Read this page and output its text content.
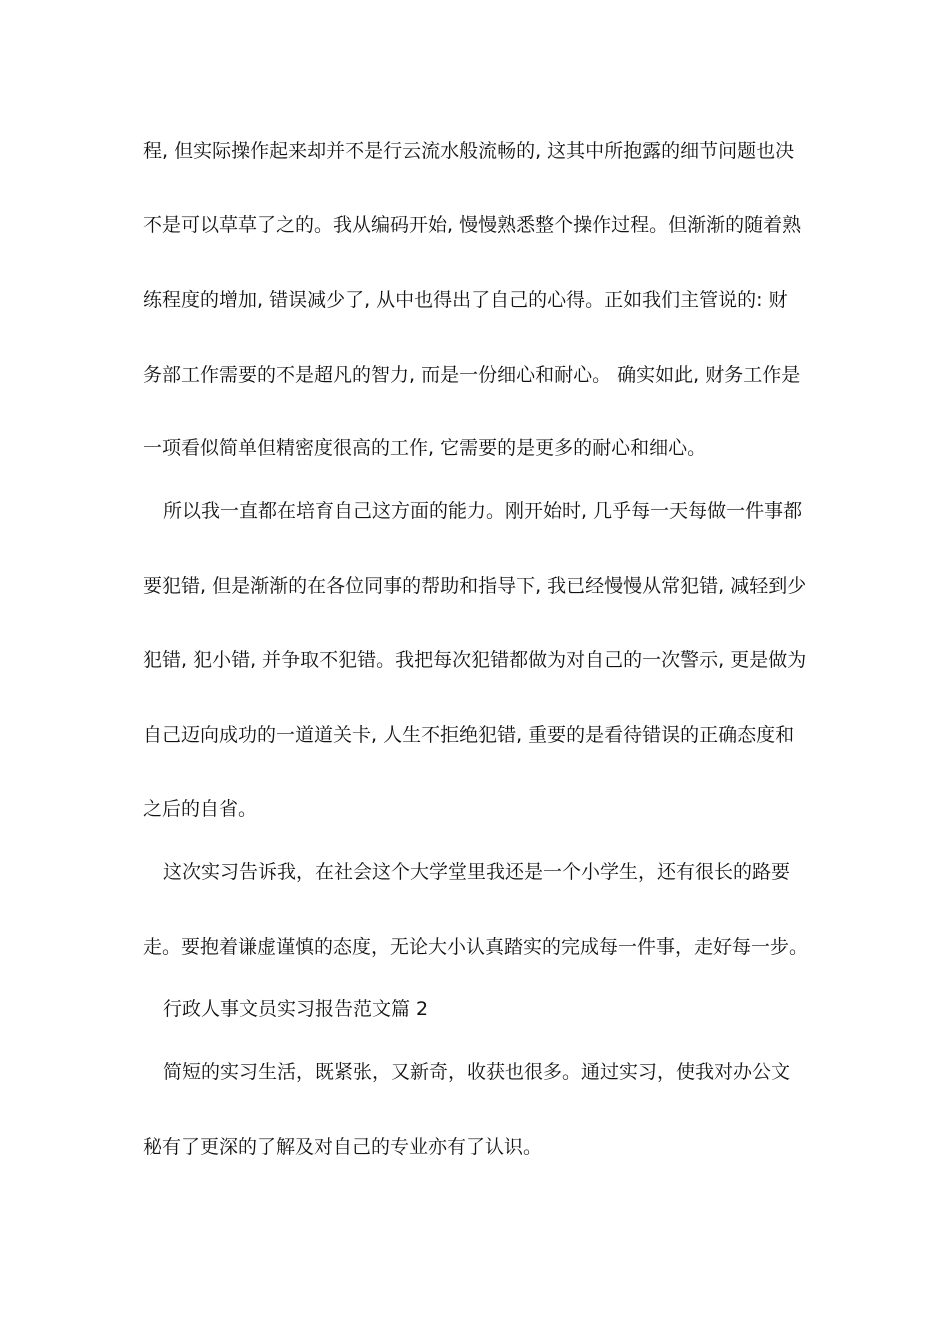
程, 但实际操作起来却并不是行云流水般流畅的, 这其中所抱露的细节问题也决
不是可以草草了之的。我从编码开始, 慢慢熟悉整个操作过程。但渐渐的随着熟
练程度的增加, 错误减少了, 从中也得出了自己的心得。正如我们主管说的: 财
务部工作需要的不是超凡的智力, 而是一份细心和耐心。 确实如此, 财务工作是
一项看似简单但精密度很高的工作, 它需要的是更多的耐心和细心。
所以我一直都在培育自己这方面的能力。刚开始时, 几乎每一天每做一件事都
要犯错, 但是渐渐的在各位同事的帮助和指导下, 我已经慢慢从常犯错, 减轻到少
犯错, 犯小错, 并争取不犯错。我把每次犯错都做为对自己的一次警示, 更是做为
自己迈向成功的一道道关卡, 人生不拒绝犯错, 重要的是看待错误的正确态度和
之后的自省。
这次实习告诉我，在社会这个大学堂里我还是一个小学生，还有很长的路要
走。要抱着谦虚谨慎的态度，无论大小认真踏实的完成每一件事，走好每一步。
行政人事文员实习报告范文篇 2
简短的实习生活，既紧张，又新奇，收获也很多。通过实习，使我对办公文
秘有了更深的了解及对自己的专业亦有了认识。
